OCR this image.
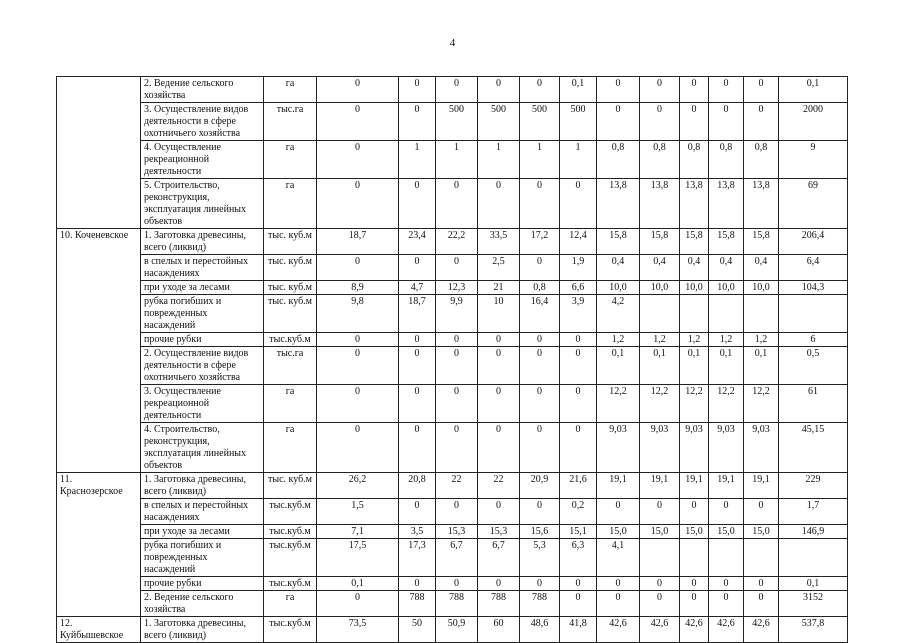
4
	2. Ведение сельского хозяйства	га	0	0	0	0	0	0,1	0	0	0	0	0	0,1
	3. Осуществление видов деятельности в сфере охотничьего хозяйства	тыс.га	0	0	500	500	500	500	0	0	0	0	0	2000
	4. Осуществление рекреационной деятельности	га	0	1	1	1	1	1	0,8	0,8	0,8	0,8	0,8	9
	5. Строительство, реконструкция, эксплуатация линейных объектов	га	0	0	0	0	0	0	13,8	13,8	13,8	13,8	13,8	69
10. Коченевское	1. Заготовка древесины, всего (ликвид)	тыс. куб.м	18,7	23,4	22,2	33,5	17,2	12,4	15,8	15,8	15,8	15,8	15,8	206,4
	в спелых и перестойных насаждениях	тыс. куб.м	0	0	0	2,5	0	1,9	0,4	0,4	0,4	0,4	0,4	6,4
	при уходе за лесами	тыс. куб.м	8,9	4,7	12,3	21	0,8	6,6	10,0	10,0	10,0	10,0	10,0	104,3
	рубка погибших и поврежденных насаждений	тыс. куб.м	9,8	18,7	9,9	10	16,4	3,9	4,2					
	прочие рубки	тыс.куб.м	0	0	0	0	0	0	1,2	1,2	1,2	1,2	1,2	6
	2. Осуществление видов деятельности в сфере охотничьего хозяйства	тыс.га	0	0	0	0	0	0	0,1	0,1	0,1	0,1	0,1	0,5
	3. Осуществление рекреационной деятельности	га	0	0	0	0	0	0	12,2	12,2	12,2	12,2	12,2	61
	4. Строительство, реконструкция, эксплуатация линейных объектов	га	0	0	0	0	0	0	9,03	9,03	9,03	9,03	9,03	45,15
11. Краснозерское	1. Заготовка древесины, всего (ликвид)	тыс. куб.м	26,2	20,8	22	22	20,9	21,6	19,1	19,1	19,1	19,1	19,1	229
	в спелых и перестойных насаждениях	тыс.куб.м	1,5	0	0	0	0	0,2	0	0	0	0	0	1,7
	при уходе за лесами	тыс.куб.м	7,1	3,5	15,3	15,3	15,6	15,1	15,0	15,0	15,0	15,0	15,0	146,9
	рубка погибших и поврежденных насаждений	тыс.куб.м	17,5	17,3	6,7	6,7	5,3	6,3	4,1					
	прочие рубки	тыс.куб.м	0,1	0	0	0	0	0	0	0	0	0	0	0,1
	2. Ведение сельского хозяйства	га	0	788	788	788	788	0	0	0	0	0	0	3152
12. Куйбышевское	1. Заготовка древесины, всего (ликвид)	тыс.куб.м	73,5	50	50,9	60	48,6	41,8	42,6	42,6	42,6	42,6	42,6	537,8
